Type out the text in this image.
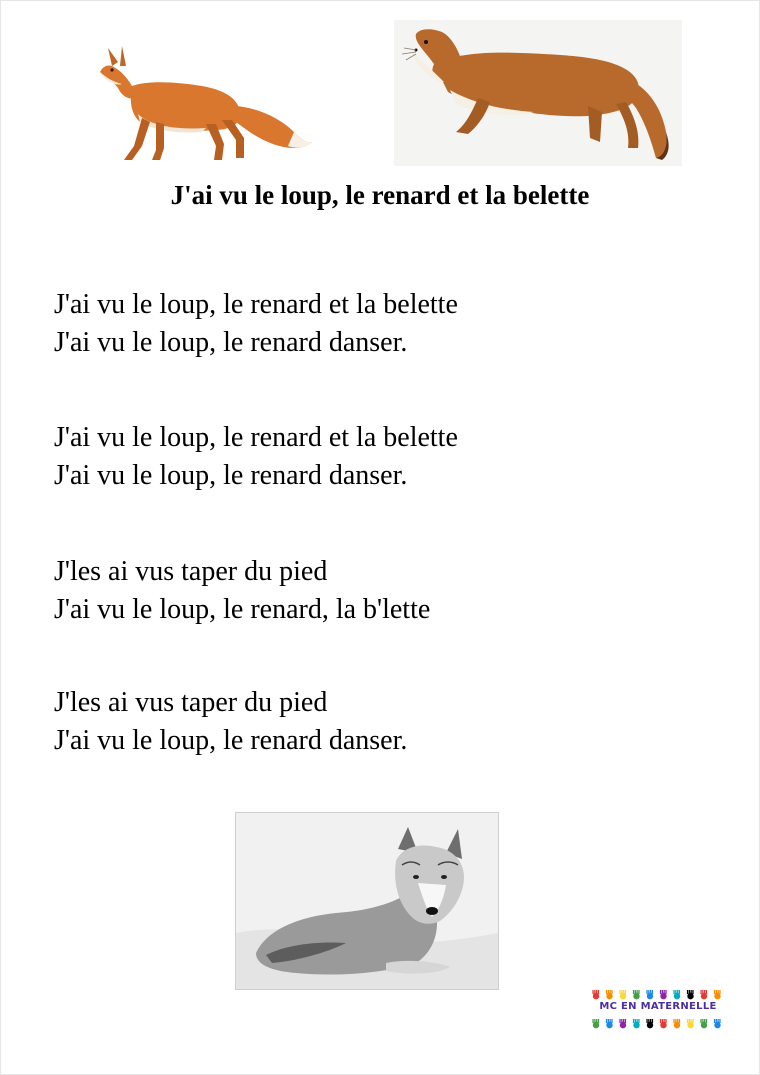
J'ai vu le loup, le renard et la belette

J'ai vu le loup, le renard et la belette
J'ai vu le loup, le renard danser.

J'ai vu le loup, le renard et la belette
J'ai vu le loup, le renard danser.

J'les ai vus taper du pied
J'ai vu le loup, le renard, la b'lette

J'les ai vus taper du pied
J'ai vu le loup, le renard danser.

MC EN MATERNELLE
